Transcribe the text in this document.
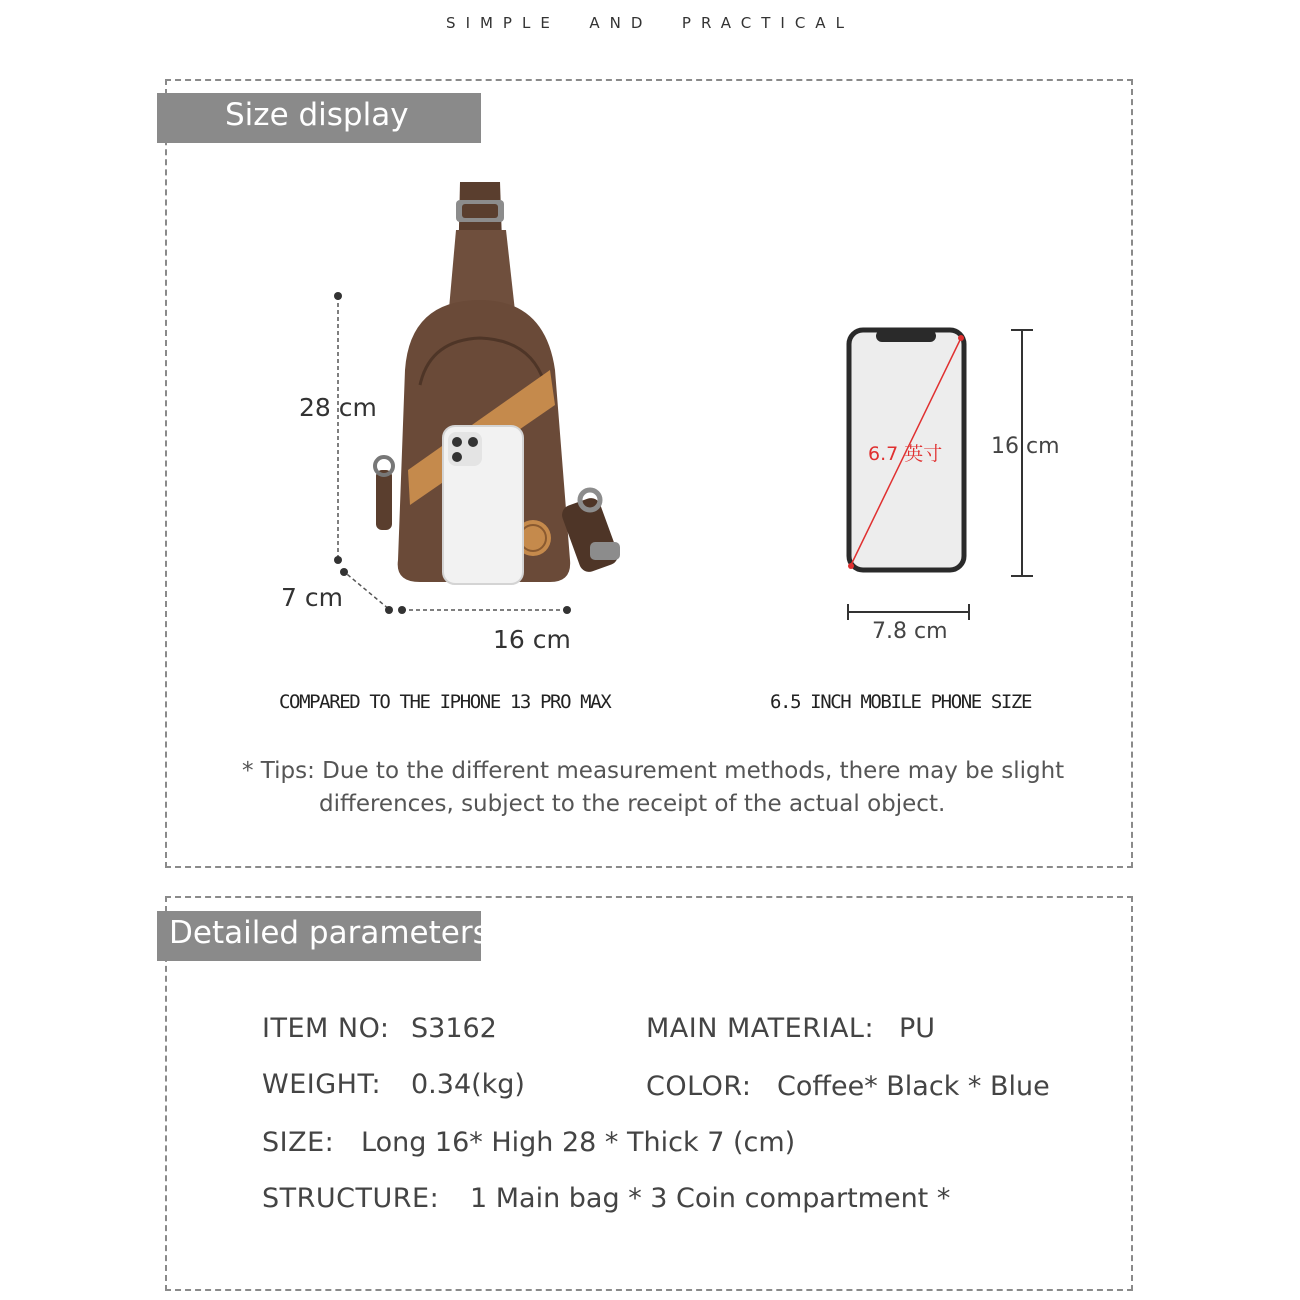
SIMPLE  AND  PRACTICAL
Size display
28 cm
7 cm
16 cm
6.7 英寸 16 cm
7.8 cm
COMPARED TO THE IPHONE 13 PRO MAX	6.5 INCH MOBILE PHONE SIZE
* Tips: Due to the different measurement methods, there may be slight
differences, subject to the receipt of the actual object.
Detailed parameters
ITEM NO: S3162	MAIN MATERIAL: PU
WEIGHT: 0.34(kg)	COLOR: Coffee* Black * Blue
SIZE: Long 16* High 28 * Thick 7 (cm)
STRUCTURE: 1 Main bag * 3 Coin compartment *
